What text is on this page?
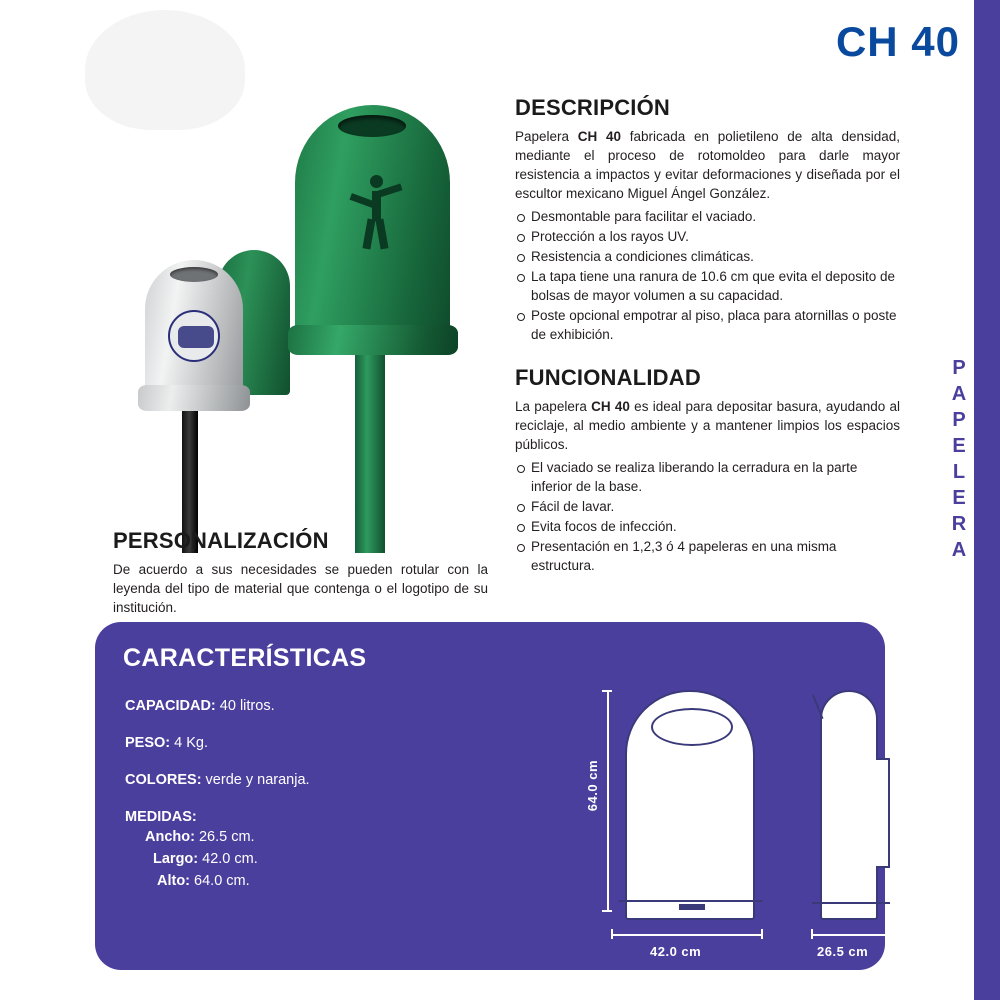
CH 40
P
A
P
E
L
E
R
A
DESCRIPCIÓN

Papelera CH 40 fabricada en polietileno de alta densidad, mediante el proceso de rotomoldeo para darle mayor resistencia a impactos y evitar deformaciones y diseñada por el escultor mexicano Miguel Ángel González.

Desmontable para facilitar el vaciado.
Protección a los rayos UV.
Resistencia a condiciones climáticas.
La tapa tiene una ranura de 10.6 cm que evita el deposito de bolsas de mayor volumen a su capacidad.
Poste opcional empotrar al piso, placa para atornillas o poste de exhibición.
FUNCIONALIDAD

La papelera CH 40 es ideal para depositar basura, ayudando al reciclaje, al medio ambiente y a mantener limpios los espacios públicos.

El vaciado se realiza liberando la cerradura en la parte inferior de la base.
Fácil de lavar.
Evita focos de infección.
Presentación en 1,2,3 ó 4 papeleras en una misma estructura.
PERSONALIZACIÓN

De acuerdo a sus necesidades se pueden rotular con la leyenda del tipo de material que contenga o el logotipo de su institución.

CARACTERÍSTICAS
CAPACIDAD: 40 litros.
PESO: 4 Kg.
COLORES: verde y naranja.
MEDIDAS:
Ancho: 26.5 cm.
Largo: 42.0 cm.
Alto: 64.0 cm.
64.0 cm
42.0 cm
64.0 cm
26.5 cm
